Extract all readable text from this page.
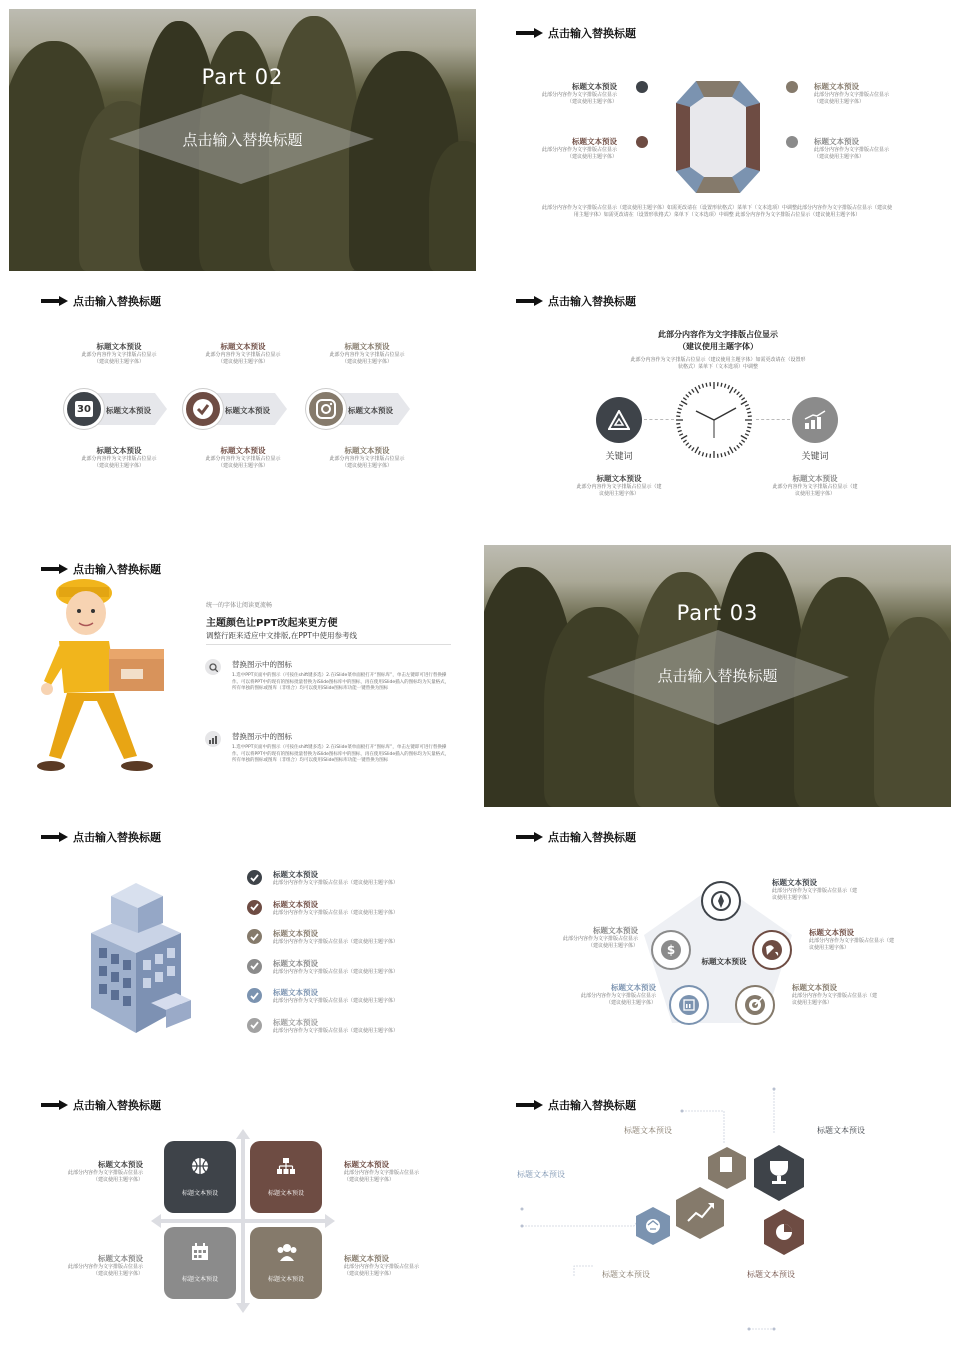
Part 02
点击输入替换标题
点击输入替换标题
标题文本预设
此部分内容作为文字排版占位显示（建议使用主题字体）
标题文本预设
此部分内容作为文字排版占位显示（建议使用主题字体）
标题文本预设
此部分内容作为文字排版占位显示（建议使用主题字体）
标题文本预设
此部分内容作为文字排版占位显示（建议使用主题字体）
此部分内容作为文字排版占位显示（建议使用主题字体）如需更改请在（设置形状格式）菜单下（文本选项）中调整此部分内容作为文字排版占位显示（建议使用主题字体）如需更改请在（设置形状格式）菜单下（文本选项）中调整 此部分内容作为文字排版占位显示（建议使用主题字体）
点击输入替换标题
标题文本预设
此部分内容作为文字排版占位显示（建议使用主题字体）
30 标题文本预设
标题文本预设
此部分内容作为文字排版占位显示（建议使用主题字体）
标题文本预设
此部分内容作为文字排版占位显示（建议使用主题字体）
标题文本预设
标题文本预设
此部分内容作为文字排版占位显示（建议使用主题字体）
标题文本预设
此部分内容作为文字排版占位显示（建议使用主题字体）
标题文本预设
标题文本预设
此部分内容作为文字排版占位显示（建议使用主题字体）
点击输入替换标题
此部分内容作为文字排版占位显示
（建议使用主题字体）
此部分内容作为文字排版占位显示（建议使用主题字体）如需更改请在（设置形状格式）菜单下（文本选项）中调整
关键词	关键词
标题文本预设
此部分内容作为文字排版占位显示（建议使用主题字体）
标题文本预设
此部分内容作为文字排版占位显示（建议使用主题字体）
点击输入替换标题
统一的字体让阅读更流畅
主题颜色让PPT改起来更方便
调整行距来适应中文排版,在PPT中使用参考线
替换图示中的图标
1.选中PPT页面中的图示（可按住shift键多选）2.在iSlide菜单面板打开“图标库”，单击左键即可进行替换操作。可以将PPT中的现有的图标批量替换为iSlide图标库中的图标，再在使用iSlide插入的图标均为矢量格式，所有单独的图标或图库（非组合）均可以使用iSlide图标库功能一键替换为图标
替换图示中的图标
1.选中PPT页面中的图示（可按住shift键多选）2.在iSlide菜单面板打开“图标库”，单击左键即可进行替换操作。可以将PPT中的现有的图标批量替换为iSlide图标库中的图标，再在使用iSlide插入的图标均为矢量格式，所有单独的图标或图库（非组合）均可以使用iSlide图标库功能一键替换为图标
Part 03
点击输入替换标题
点击输入替换标题
标题文本预设
此部分内容作为文字排版占位显示（建议使用主题字体）
标题文本预设
此部分内容作为文字排版占位显示（建议使用主题字体）
标题文本预设
此部分内容作为文字排版占位显示（建议使用主题字体）
标题文本预设
此部分内容作为文字排版占位显示（建议使用主题字体）
标题文本预设
此部分内容作为文字排版占位显示（建议使用主题字体）
标题文本预设
此部分内容作为文字排版占位显示（建议使用主题字体）
点击输入替换标题
标题文本预设
$
标题文本预设
此部分内容作为文字排版占位显示（建议使用主题字体）
标题文本预设
此部分内容作为文字排版占位显示（建议使用主题字体）
标题文本预设
此部分内容作为文字排版占位显示（建议使用主题字体）
标题文本预设
此部分内容作为文字排版占位显示（建议使用主题字体）
标题文本预设
此部分内容作为文字排版占位显示（建议使用主题字体）
点击输入替换标题
标题文本预设	标题文本预设
标题文本预设	标题文本预设
标题文本预设
此部分内容作为文字排版占位显示（建议使用主题字体）
标题文本预设
此部分内容作为文字排版占位显示（建议使用主题字体）
标题文本预设
此部分内容作为文字排版占位显示（建议使用主题字体）
标题文本预设
此部分内容作为文字排版占位显示（建议使用主题字体）
点击输入替换标题
标题文本预设	标题文本预设
标题文本预设
标题文本预设	标题文本预设
